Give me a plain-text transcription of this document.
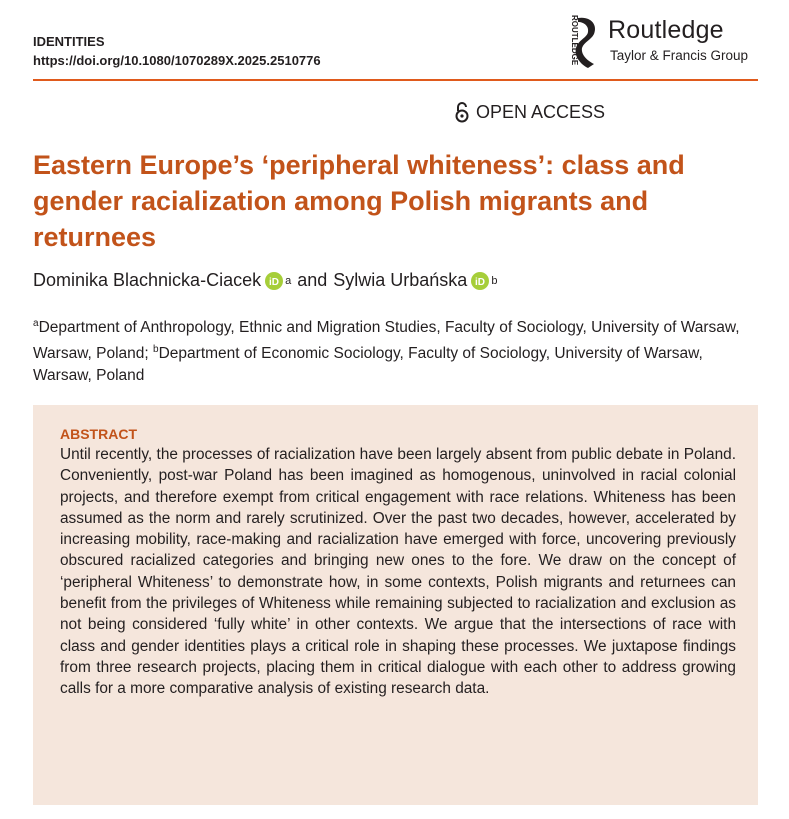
IDENTITIES
https://doi.org/10.1080/1070289X.2025.2510776	ROUTLEDGE Routledge
Taylor & Francis Group
OPEN ACCESS
Eastern Europe’s ‘peripheral whiteness’: class and gender racialization among Polish migrants and returnees
Dominika Blachnicka-Ciacek iD a and Sylwia Urbańska iD b

$^a$Department of Anthropology, Ethnic and Migration Studies, Faculty of Sociology, University of Warsaw, Warsaw, Poland; $^b$Department of Economic Sociology, Faculty of Sociology, University of Warsaw, Warsaw, Poland

ABSTRACT

Until recently, the processes of racialization have been largely absent from public debate in Poland. Conveniently, post-war Poland has been imagined as homogenous, uninvolved in racial colonial projects, and therefore exempt from critical engagement with race relations. Whiteness has been assumed as the norm and rarely scrutinized. Over the past two decades, however, accelerated by increasing mobility, race-making and racialization have emerged with force, uncovering previously obscured racialized categories and bringing new ones to the fore. We draw on the concept of ‘peripheral Whiteness’ to demonstrate how, in some contexts, Polish migrants and returnees can benefit from the privileges of Whiteness while remaining subjected to racialization and exclusion as not being considered ‘fully white’ in other contexts. We argue that the intersections of race with class and gender identities plays a critical role in shaping these processes. We juxtapose findings from three research projects, placing them in critical dialogue with each other to address growing calls for a more comparative analysis of existing research data.
